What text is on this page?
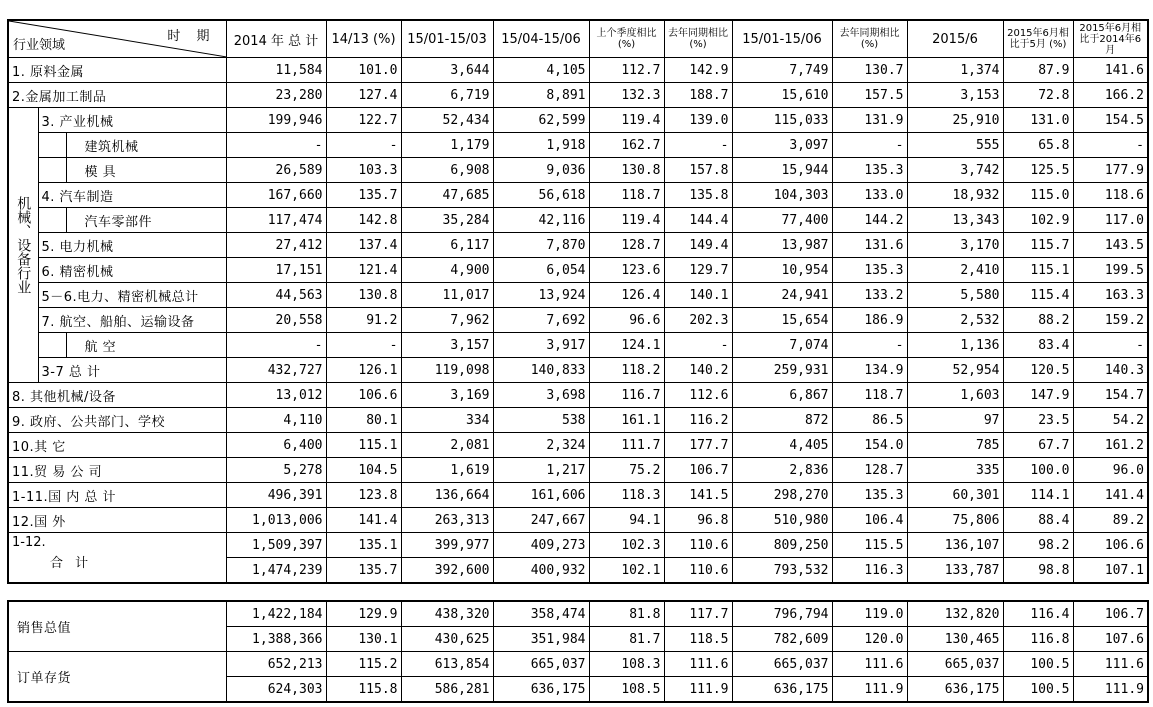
时 期
行业领域			2014 年 总 计	14/13 (%)	15/01-15/03	15/04-15/06	上个季度相比 (%)	去年同期相比 (%)	15/01-15/06	去年同期相比 (%)	2015/6	2015年6月相比于5月 (%)	2015年6月相比于2014年6月
1. 原料金属			11,584	101.0	3,644	4,105	112.7	142.9	7,749	130.7	1,374	87.9	141.6
2.金属加工制品			23,280	127.4	6,719	8,891	132.3	188.7	15,610	157.5	3,153	72.8	166.2
机械、设备行业	3. 产业机械		199,946	122.7	52,434	62,599	119.4	139.0	115,033	131.9	25,910	131.0	154.5
		建筑机械	-	-	1,179	1,918	162.7	-	3,097	-	555	65.8	-
		模 具	26,589	103.3	6,908	9,036	130.8	157.8	15,944	135.3	3,742	125.5	177.9
	4. 汽车制造		167,660	135.7	47,685	56,618	118.7	135.8	104,303	133.0	18,932	115.0	118.6
		汽车零部件	117,474	142.8	35,284	42,116	119.4	144.4	77,400	144.2	13,343	102.9	117.0
	5. 电力机械		27,412	137.4	6,117	7,870	128.7	149.4	13,987	131.6	3,170	115.7	143.5
	6. 精密机械		17,151	121.4	4,900	6,054	123.6	129.7	10,954	135.3	2,410	115.1	199.5
	5－6.电力、精密机械总计		44,563	130.8	11,017	13,924	126.4	140.1	24,941	133.2	5,580	115.4	163.3
	7. 航空、船舶、运输设备		20,558	91.2	7,962	7,692	96.6	202.3	15,654	186.9	2,532	88.2	159.2
		航 空	-	-	3,157	3,917	124.1	-	7,074	-	1,136	83.4	-
	3-7 总 计		432,727	126.1	119,098	140,833	118.2	140.2	259,931	134.9	52,954	120.5	140.3
8. 其他机械/设备			13,012	106.6	3,169	3,698	116.7	112.6	6,867	118.7	1,603	147.9	154.7
9. 政府、公共部门、学校			4,110	80.1	334	538	161.1	116.2	872	86.5	97	23.5	54.2
10.其 它			6,400	115.1	2,081	2,324	111.7	177.7	4,405	154.0	785	67.7	161.2
11.贸 易 公 司			5,278	104.5	1,619	1,217	75.2	106.7	2,836	128.7	335	100.0	96.0
1-11.国 内 总 计			496,391	123.8	136,664	161,606	118.3	141.5	298,270	135.3	60,301	114.1	141.4
12.国 外			1,013,006	141.4	263,313	247,667	94.1	96.8	510,980	106.4	75,806	88.4	89.2

1-12.
合 计			1,509,397	135.1	399,977	409,273	102.3	110.6	809,250	115.5	136,107	98.2	106.6
			1,474,239	135.7	392,600	400,932	102.1	110.6	793,532	116.3	133,787	98.8	107.1
销售总值	1,422,184	129.9	438,320	358,474	81.8	117.7	796,794	119.0	132,820	116.4	106.7
	1,388,366	130.1	430,625	351,984	81.7	118.5	782,609	120.0	130,465	116.8	107.6
订单存货	652,213	115.2	613,854	665,037	108.3	111.6	665,037	111.6	665,037	100.5	111.6
	624,303	115.8	586,281	636,175	108.5	111.9	636,175	111.9	636,175	100.5	111.9
